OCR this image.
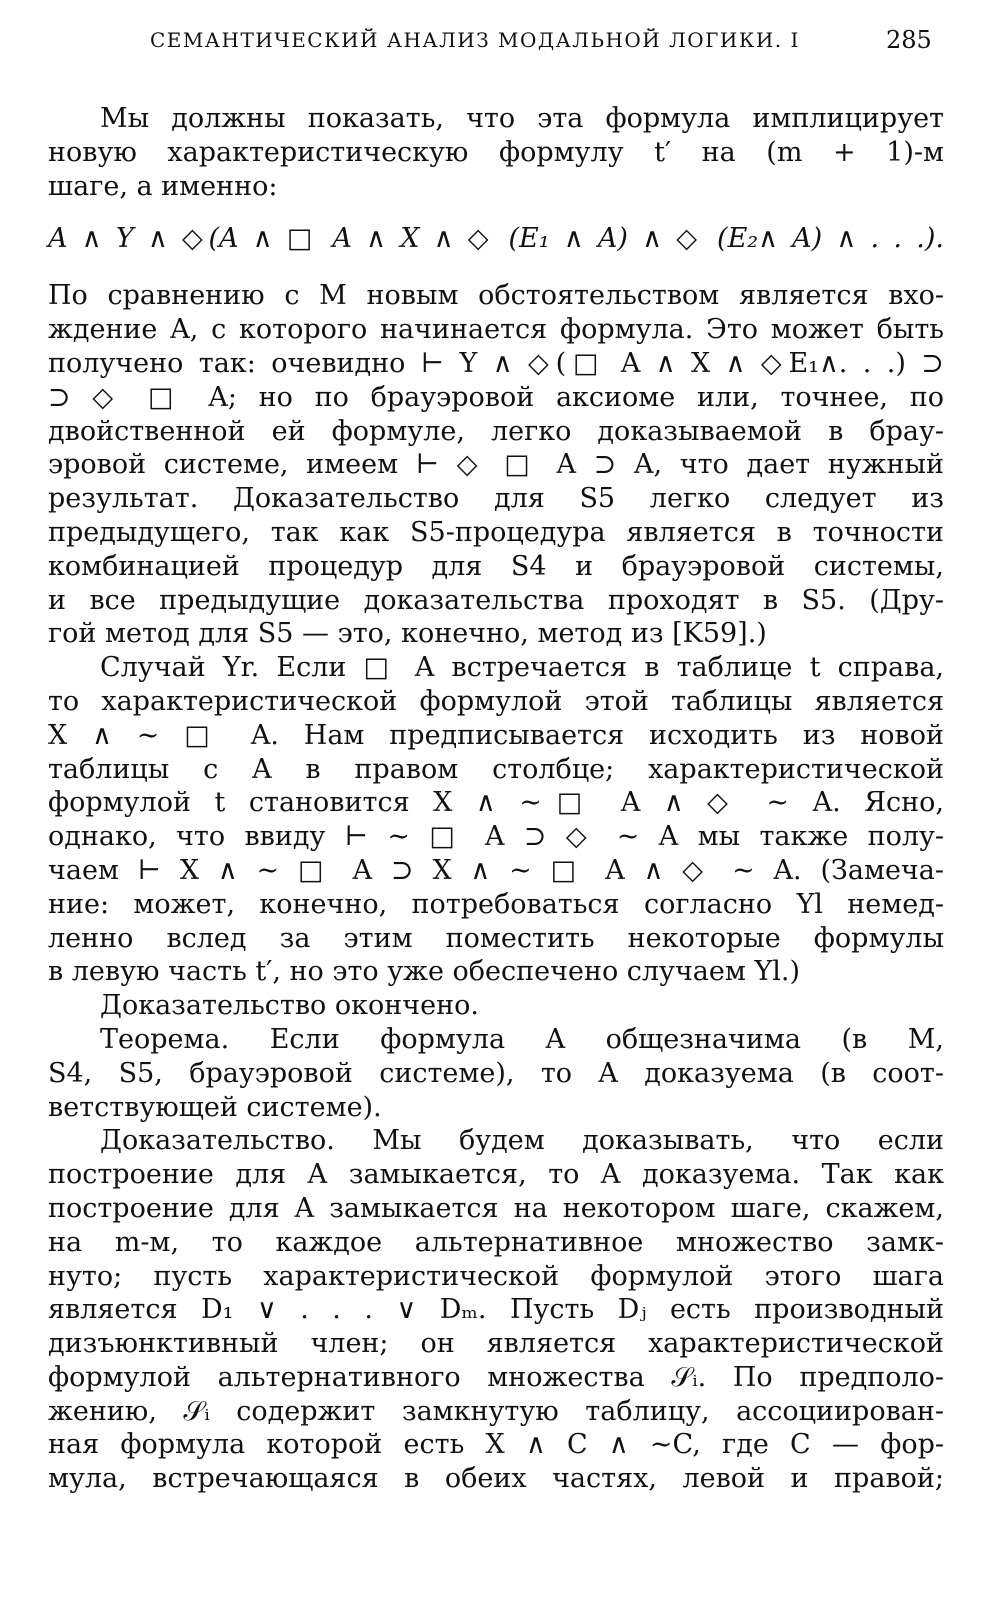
СЕМАНТИЧЕСКИЙ АНАЛИЗ МОДАЛЬНОЙ ЛОГИКИ. I	285
Мы должны показать, что эта формула имплицирует
новую характеристическую формулу t′ на (m + 1)-м
шаге, а именно:
A ∧ Y ∧ ◇(A ∧ □ A ∧ X ∧ ◇ (E₁ ∧ A) ∧ ◇ (E₂∧ A) ∧ . . .).
По сравнению с M новым обстоятельством является вхо-
ждение A, с которого начинается формула. Это может быть
получено так: очевидно ⊢ Y ∧ ◇(□ A ∧ X ∧ ◇E₁∧. . .) ⊃
⊃ ◇ □ A; но по брауэровой аксиоме или, точнее, по
двойственной ей формуле, легко доказываемой в брау-
эровой системе, имеем ⊢ ◇ □ A ⊃ A, что дает нужный
результат. Доказательство для S5 легко следует из
предыдущего, так как S5-процедура является в точности
комбинацией процедур для S4 и брауэровой системы,
и все предыдущие доказательства проходят в S5. (Дру-
гой метод для S5 — это, конечно, метод из [K59].)
Случай Yr. Если □ A встречается в таблице t справа,
то характеристической формулой этой таблицы является
X ∧ ∼ □ A. Нам предписывается исходить из новой
таблицы с A в правом столбце; характеристической
формулой t становится X ∧ ∼□ A ∧ ◇ ∼ A. Ясно,
однако, что ввиду ⊢ ∼ □ A ⊃ ◇ ∼ A мы также полу-
чаем ⊢ X ∧ ∼ □ A ⊃ X ∧ ∼ □ A ∧ ◇ ∼ A. (Замеча-
ние: может, конечно, потребоваться согласно Yl немед-
ленно вслед за этим поместить некоторые формулы
в левую часть t′, но это уже обеспечено случаем Yl.)
Доказательство окончено.
Теорема. Если формула A общезначима (в M,
S4, S5, брауэровой системе), то A доказуема (в соот-
ветствующей системе).
Доказательство. Мы будем доказывать, что если
построение для A замыкается, то A доказуема. Так как
построение для A замыкается на некотором шаге, скажем,
на m-м, то каждое альтернативное множество замк-
нуто; пусть характеристической формулой этого шага
является D₁ ∨ . . . ∨ Dₘ. Пусть Dⱼ есть производный
дизъюнктивный член; он является характеристической
формулой альтернативного множества 𝒮ᵢ. По предполо-
жению, 𝒮ᵢ содержит замкнутую таблицу, ассоциирован-
ная формула которой есть X ∧ C ∧ ∼C, где C — фор-
мула, встречающаяся в обеих частях, левой и правой;
